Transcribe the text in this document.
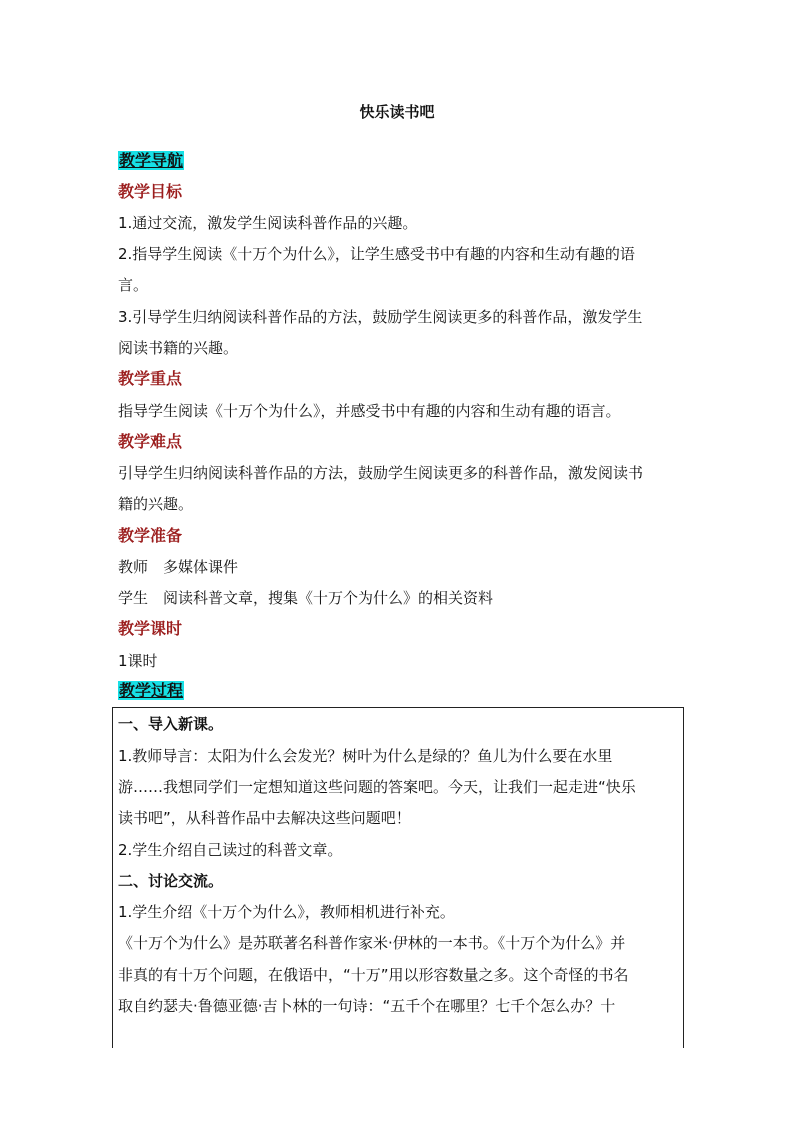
快乐读书吧
教学导航
教学目标
1.通过交流，激发学生阅读科普作品的兴趣。
2.指导学生阅读《十万个为什么》，让学生感受书中有趣的内容和生动有趣的语
言。
3.引导学生归纳阅读科普作品的方法，鼓励学生阅读更多的科普作品，激发学生
阅读书籍的兴趣。
教学重点
指导学生阅读《十万个为什么》，并感受书中有趣的内容和生动有趣的语言。
教学难点
引导学生归纳阅读科普作品的方法，鼓励学生阅读更多的科普作品，激发阅读书
籍的兴趣。
教学准备
教师 多媒体课件
学生 阅读科普文章，搜集《十万个为什么》的相关资料
教学课时
1课时
教学过程
一、导入新课。
1.教师导言：太阳为什么会发光？树叶为什么是绿的？鱼儿为什么要在水里
游……我想同学们一定想知道这些问题的答案吧。今天，让我们一起走进“快乐
读书吧”，从科普作品中去解决这些问题吧！
2.学生介绍自己读过的科普文章。
二、讨论交流。
1.学生介绍《十万个为什么》，教师相机进行补充。
《十万个为什么》是苏联著名科普作家米·伊林的一本书。《十万个为什么》并
非真的有十万个问题，在俄语中，“十万”用以形容数量之多。这个奇怪的书名
取自约瑟夫·鲁德亚德·吉卜林的一句诗：“五千个在哪里？七千个怎么办？十
